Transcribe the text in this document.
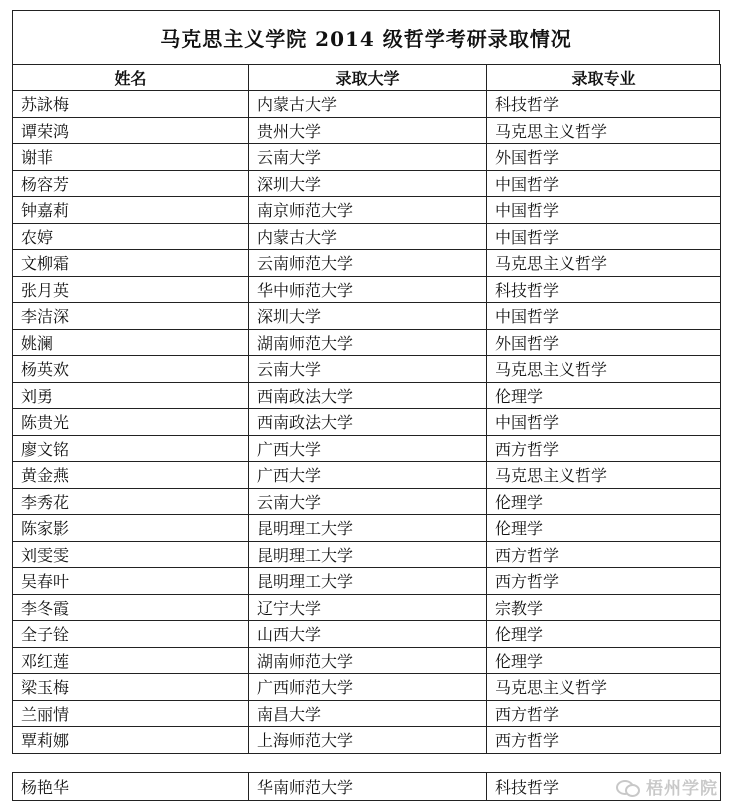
马克思主义学院 2014 级哲学考研录取情况
姓名	录取大学	录取专业
苏詠梅	内蒙古大学	科技哲学
谭荣鸿	贵州大学	马克思主义哲学
谢菲	云南大学	外国哲学
杨容芳	深圳大学	中国哲学
钟嘉莉	南京师范大学	中国哲学
农婷	内蒙古大学	中国哲学
文柳霜	云南师范大学	马克思主义哲学
张月英	华中师范大学	科技哲学
李洁深	深圳大学	中国哲学
姚澜	湖南师范大学	外国哲学
杨英欢	云南大学	马克思主义哲学
刘勇	西南政法大学	伦理学
陈贵光	西南政法大学	中国哲学
廖文铭	广西大学	西方哲学
黄金燕	广西大学	马克思主义哲学
李秀花	云南大学	伦理学
陈家影	昆明理工大学	伦理学
刘雯雯	昆明理工大学	西方哲学
吴春叶	昆明理工大学	西方哲学
李冬霞	辽宁大学	宗教学
全子铨	山西大学	伦理学
邓红莲	湖南师范大学	伦理学
梁玉梅	广西师范大学	马克思主义哲学
兰丽情	南昌大学	西方哲学
覃莉娜	上海师范大学	西方哲学
杨艳华	华南师范大学	科技哲学	梧州学院
